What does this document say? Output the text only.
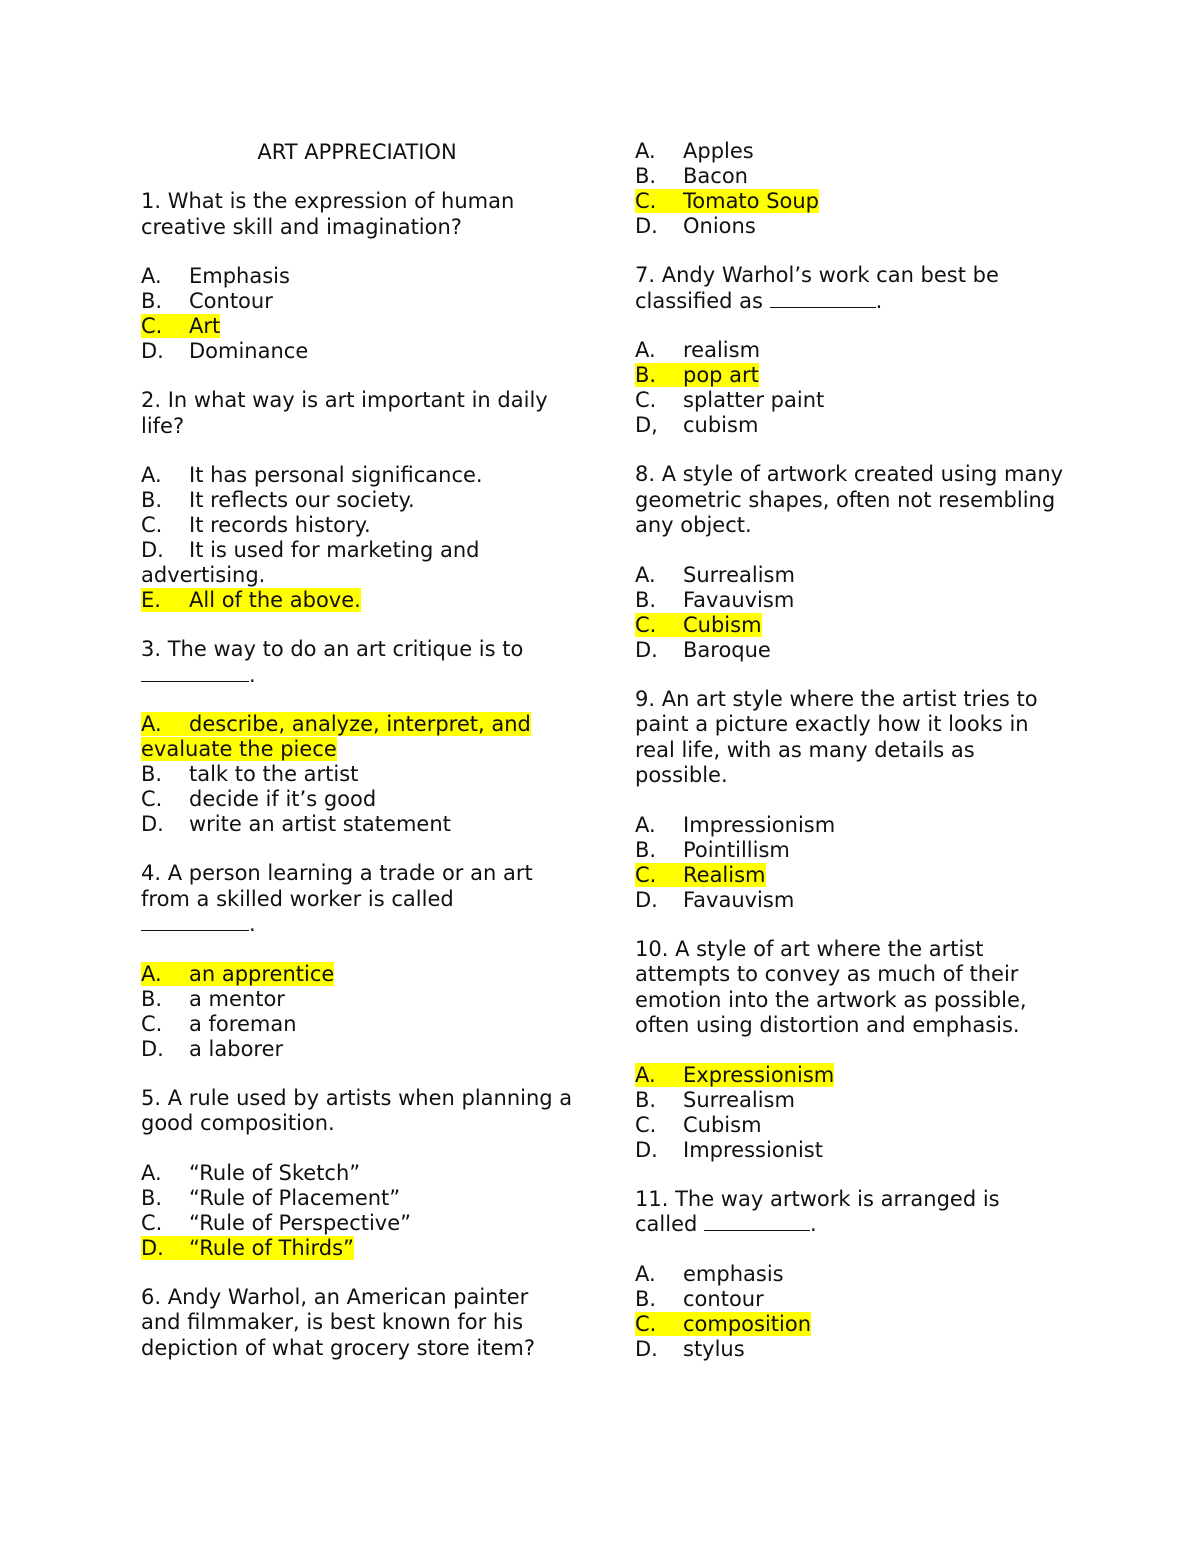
ART APPRECIATION

1. What is the expression of human creative skill and imagination?

A. Emphasis
B. Contour
C. Art
D. Dominance

2. In what way is art important in daily life?

A. It has personal significance.
B. It reflects our society.
C. It records history.
D. It is used for marketing and advertising.
E. All of the above.

3. The way to do an art critique is to
.

A. describe, analyze, interpret, and evaluate the piece
B. talk to the artist
C. decide if it’s good
D. write an artist statement

4. A person learning a trade or an art from a skilled worker is called
.

A. an apprentice
B. a mentor
C. a foreman
D. a laborer

5. A rule used by artists when planning a good composition.

A. “Rule of Sketch”
B. “Rule of Placement”
C. “Rule of Perspective”
D. “Rule of Thirds”

6. Andy Warhol, an American painter and filmmaker, is best known for his depiction of what grocery store item?

A. Apples
B. Bacon
C. Tomato Soup
D. Onions

7. Andy Warhol’s work can best be classified as	.

A. realism
B. pop art
C. splatter paint
D, cubism

8. A style of artwork created using many geometric shapes, often not resembling any object.

A. Surrealism
B. Favauvism
C. Cubism
D. Baroque

9. An art style where the artist tries to paint a picture exactly how it looks in real life, with as many details as possible.

A. Impressionism
B. Pointillism
C. Realism
D. Favauvism

10. A style of art where the artist attempts to convey as much of their emotion into the artwork as possible, often using distortion and emphasis.

A. Expressionism
B. Surrealism
C. Cubism
D. Impressionist

11. The way artwork is arranged is called	.

A. emphasis
B. contour
C. composition
D. stylus
